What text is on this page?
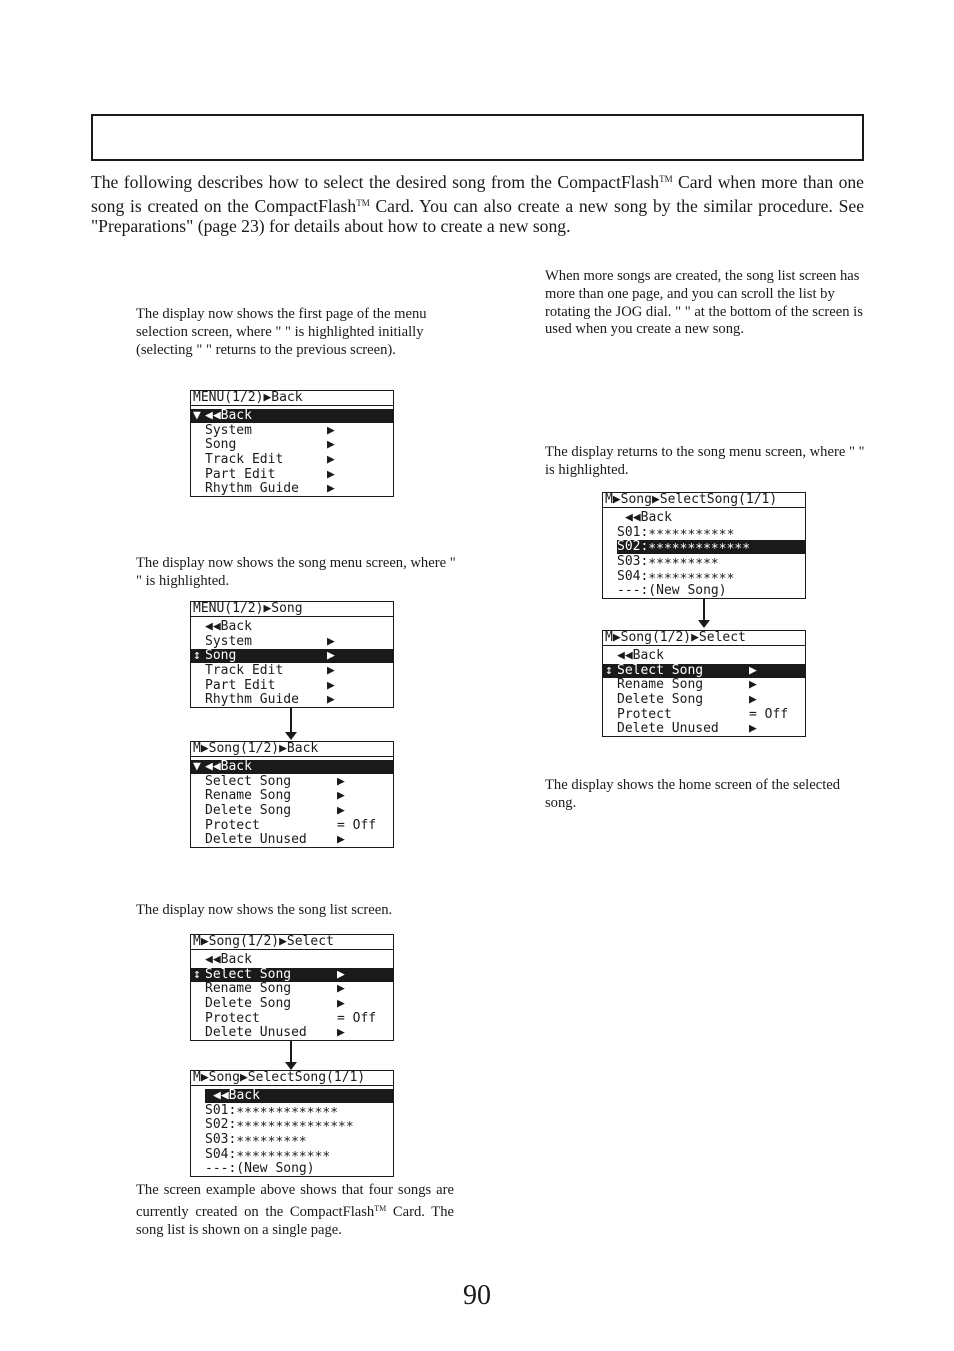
The following describes how to select the desired song from the CompactFlash™ Card when more than one song is created on the CompactFlash™ Card. You can also create a new song by the similar procedure. See "Preparations" (page 23) for details about how to create a new song.
The display now shows the first page of the menu selection screen, where " " is highlighted initially (selecting " " returns to the previous screen).
MENU(1/2)▶Back
▼ ◀◀Back
System	▶
Song	▶
Track Edit	▶
Part Edit	▶
Rhythm Guide ▶
The display now shows the song menu screen, where " " is highlighted.
MENU(1/2)▶Song
◀◀Back
System	▶
↕ Song	▶
Track Edit	▶
Part Edit	▶
Rhythm Guide ▶
M▶Song(1/2)▶Back
▼ ◀◀Back
Select Song	▶
Rename Song	▶
Delete Song	▶
Protect	= Off
Delete Unused ▶
The display now shows the song list screen.
M▶Song(1/2)▶Select
◀◀Back
↕ Select Song	▶
Rename Song	▶
Delete Song	▶
Protect	= Off
Delete Unused ▶
M▶Song▶SelectSong(1/1)
◀◀Back
S01:∗∗∗∗∗∗∗∗∗∗∗∗∗
S02:∗∗∗∗∗∗∗∗∗∗∗∗∗∗∗
S03:∗∗∗∗∗∗∗∗∗
S04:∗∗∗∗∗∗∗∗∗∗∗∗
---:(New Song)
The screen example above shows that four songs are currently created on the CompactFlash™ Card. The song list is shown on a single page.
When more songs are created, the song list screen has more than one page, and you can scroll the list by rotating the JOG dial. " " at the bottom of the screen is used when you create a new song.
The display returns to the song menu screen, where " " is highlighted.
M▶Song▶SelectSong(1/1)
◀◀Back
S01:∗∗∗∗∗∗∗∗∗∗∗
S02:∗∗∗∗∗∗∗∗∗∗∗∗∗
S03:∗∗∗∗∗∗∗∗∗
S04:∗∗∗∗∗∗∗∗∗∗∗
---:(New Song)
M▶Song(1/2)▶Select
◀◀Back
↕ Select Song	▶
Rename Song	▶
Delete Song	▶
Protect	= Off
Delete Unused ▶
The display shows the home screen of the selected song.
90
